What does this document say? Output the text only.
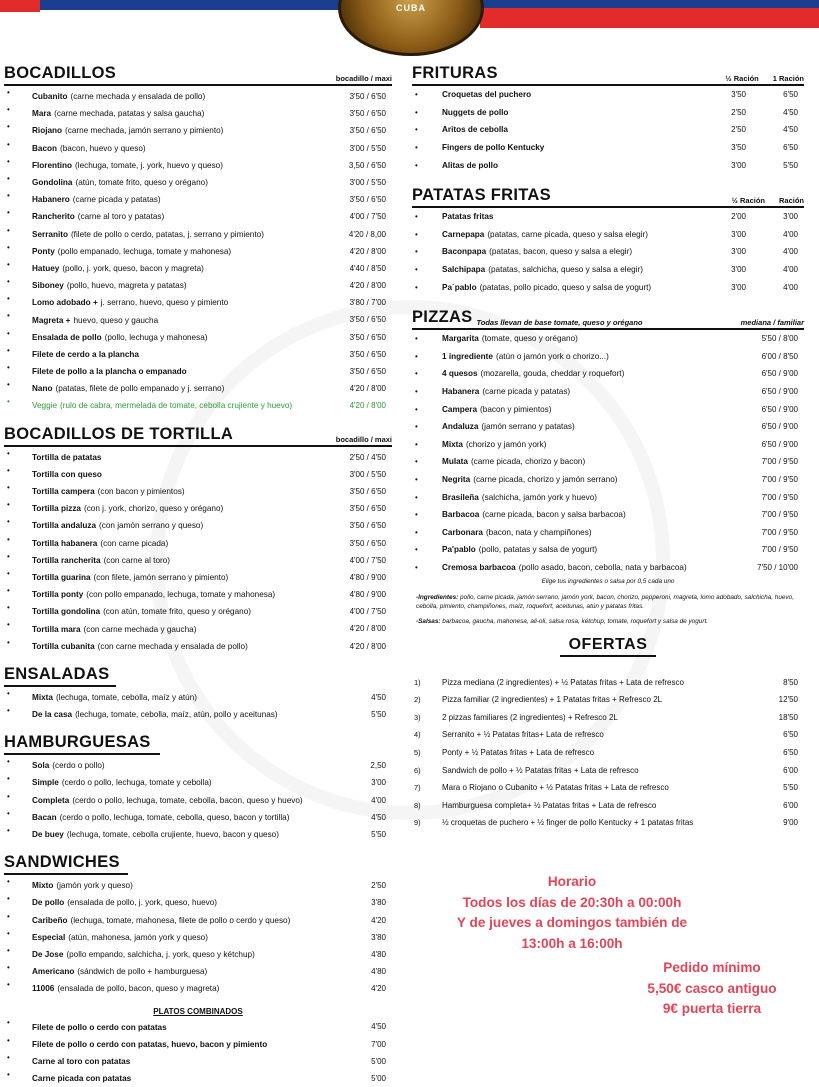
CUBA
BOCADILLOS	bocadillo / maxi
•	Cubanito (carne mechada y ensalada de pollo)	3'50 / 6'50
•	Mara (carne mechada, patatas y salsa gaucha)	3'50 / 6'50
•	Riojano (carne mechada, jamón serrano y pimiento)	3'50 / 6'50
•	Bacon (bacon, huevo y queso)	3'00 / 5'50
•	Florentino (lechuga, tomate, j. york, huevo y queso)	3,50 / 6'50
•	Gondolina (atún, tomate frito, queso y orégano)	3'00 / 5'50
•	Habanero (carne picada y patatas)	3'50 / 6'50
•	Rancherito (carne al toro y patatas)	4'00 / 7'50
•	Serranito (filete de pollo o cerdo, patatas, j. serrano y pimiento)	4'20 / 8,00
•	Ponty (pollo empanado, lechuga, tomate y mahonesa)	4'20 / 8'00
•	Hatuey (pollo, j. york, queso, bacon y magreta)	4'40 / 8'50
•	Siboney (pollo, huevo, magreta y patatas)	4'20 / 8'00
•	Lomo adobado + j. serrano, huevo, queso y pimiento	3'80 / 7'00
•	Magreta + huevo, queso y gaucha	3'50 / 6'50
•	Ensalada de pollo (pollo, lechuga y mahonesa)	3'50 / 6'50
•	Filete de cerdo a la plancha	3'50 / 6'50
•	Filete de pollo a la plancha o empanado	3'50 / 6'50
•	Nano (patatas, filete de pollo empanado y j. serrano)	4'20 / 8'00
•	Veggie (rulo de cabra, mermelada de tomate, cebolla crujiente y huevo)	4'20 / 8'00
BOCADILLOS DE TORTILLA	bocadillo / maxi
•	Tortilla de patatas	2'50 / 4'50
•	Tortilla con queso	3'00 / 5'50
•	Tortilla campera (con bacon y pimientos)	3'50 / 6'50
•	Tortilla pizza (con j. york, chorizo, queso y orégano)	3'50 / 6'50
•	Tortilla andaluza (con jamón serrano y queso)	3'50 / 6'50
•	Tortilla habanera (con carne picada)	3'50 / 6'50
•	Tortilla rancherita (con carne al toro)	4'00 / 7'50
•	Tortilla guarina (con filete, jamón serrano y pimiento)	4'80 / 9'00
•	Tortilla ponty (con pollo empanado, lechuga, tomate y mahonesa)	4'80 / 9'00
•	Tortilla gondolina (con atún, tomate frito, queso y orégano)	4'00 / 7'50
•	Tortilla mara (con carne mechada y gaucha)	4'20 / 8'00
•	Tortilla cubanita (con carne mechada y ensalada de pollo)	4'20 / 8'00
ENSALADAS
•	Mixta (lechuga, tomate, cebolla, maíz y atún)	4'50
•	De la casa (lechuga, tomate, cebolla, maíz, atún, pollo y aceitunas)	5'50
HAMBURGUESAS
•	Sola (cerdo o pollo)	2,50
•	Simple (cerdo o pollo, lechuga, tomate y cebolla)	3'00
•	Completa (cerdo o pollo, lechuga, tomate, cebolla, bacon, queso y huevo)	4'00
•	Bacan (cerdo o pollo, lechuga, tomate, cebolla, queso, bacon y tortilla)	4'50
•	De buey (lechuga, tomate, cebolla crujiente, huevo, bacon y queso)	5'50
SANDWICHES
•	Mixto (jamón york y queso)	2'50
•	De pollo (ensalada de pollo, j. york, queso, huevo)	3'80
•	Caribeño (lechuga, tomate, mahonesa, filete de pollo o cerdo y queso)	4'20
•	Especial (atún, mahonesa, jamón york y queso)	3'80
•	De Jose (pollo empando, salchicha, j. york, queso y kétchup)	4'80
•	Americano (sándwich de pollo + hamburguesa)	4'80
•	11006 (ensalada de pollo, bacon, queso y magreta)	4'20
PLATOS COMBINADOS
•	Filete de pollo o cerdo con patatas	4'50
•	Filete de pollo o cerdo con patatas, huevo, bacon y pimiento	7'00
•	Carne al toro con patatas	5'00
•	Carne picada con patatas	5'00
FRITURAS	½ Ración 1 Ración
•	Croquetas del puchero	3'50	6'50
•	Nuggets de pollo	2'50	4'50
•	Aritos de cebolla	2'50	4'50
•	Fingers de pollo Kentucky	3'50	6'50
•	Alitas de pollo	3'00	5'50
PATATAS FRITAS	½ Ración Ración
•	Patatas fritas	2'00	3'00
•	Carnepapa (patatas, carne picada, queso y salsa elegir)	3'00	4'00
•	Baconpapa (patatas, bacon, queso y salsa a elegir)	3'00	4'00
•	Salchipapa (patatas, salchicha, queso y salsa a elegir)	3'00	4'00
•	Pa´pablo (patatas, pollo picado, queso y salsa de yogurt)	3'00	4'00
PIZZAS Todas llevan de base tomate, queso y orégano	mediana / familiar
•	Margarita (tomate, queso y orégano)	5'50 / 8'00
•	1 ingrediente (atún o jamón york o chorizo...)	6'00 / 8'50
•	4 quesos (mozarella, gouda, cheddar y roquefort)	6'50 / 9'00
•	Habanera (carne picada y patatas)	6'50 / 9'00
•	Campera (bacon y pimientos)	6'50 / 9'00
•	Andaluza (jamón serrano y patatas)	6'50 / 9'00
•	Mixta (chorizo y jamón york)	6'50 / 9'00
•	Mulata (carne picada, chorizo y bacon)	7'00 / 9'50
•	Negrita (carne picada, chorizo y jamón serrano)	7'00 / 9'50
•	Brasileña (salchicha, jamón york y huevo)	7'00 / 9'50
•	Barbacoa (carne picada, bacon y salsa barbacoa)	7'00 / 9'50
•	Carbonara (bacon, nata y champiñones)	7'00 / 9'50
•	Pa'pablo (pollo, patatas y salsa de yogurt)	7'00 / 9'50
•	Cremosa barbacoa (pollo asado, bacon, cebolla, nata y barbacoa)	7'50 / 10'00
Elige tus ingredientes o salsa por 0,5 cada uno
-Ingredientes: pollo, carne picada, jamón serrano, jamón york, bacon, chorizo, pepperoni, magreta, lomo adobado, salchicha, huevo, cebolla, pimiento, champiñones, maíz, roquefort, aceitunas, atún y patatas fritas.
-Salsas: barbacoa, gaucha, mahonesa, ali-oli, salsa rosa, kétchup, tomate, roquefort y salsa de yogurt.
OFERTAS
1)	Pizza mediana (2 ingredientes) + ½ Patatas fritas + Lata de refresco	8'50
2)	Pizza familiar (2 ingredientes) + 1 Patatas fritas + Refresco 2L	12'50
3)	2 pizzas familiares (2 ingredientes) + Refresco 2L	18'50
4)	Serranito + ½ Patatas fritas+ Lata de refresco	6'50
5)	Ponty + ½ Patatas fritas + Lata de refresco	6'50
6)	Sandwich de pollo + ½ Patatas fritas + Lata de refresco	6'00
7)	Mara o Riojano o Cubanito + ½ Patatas fritas + Lata de refresco	5'50
8)	Hamburguesa completa+ ½ Patatas fritas + Lata de refresco	6'00
9)	½ croquetas de puchero + ½ finger de pollo Kentucky + 1 patatas fritas	9'00
Horario
Todos los días de 20:30h a 00:00h
Y de jueves a domingos también de
13:00h a 16:00h
Pedido mínimo
5,50€ casco antiguo
9€ puerta tierra
